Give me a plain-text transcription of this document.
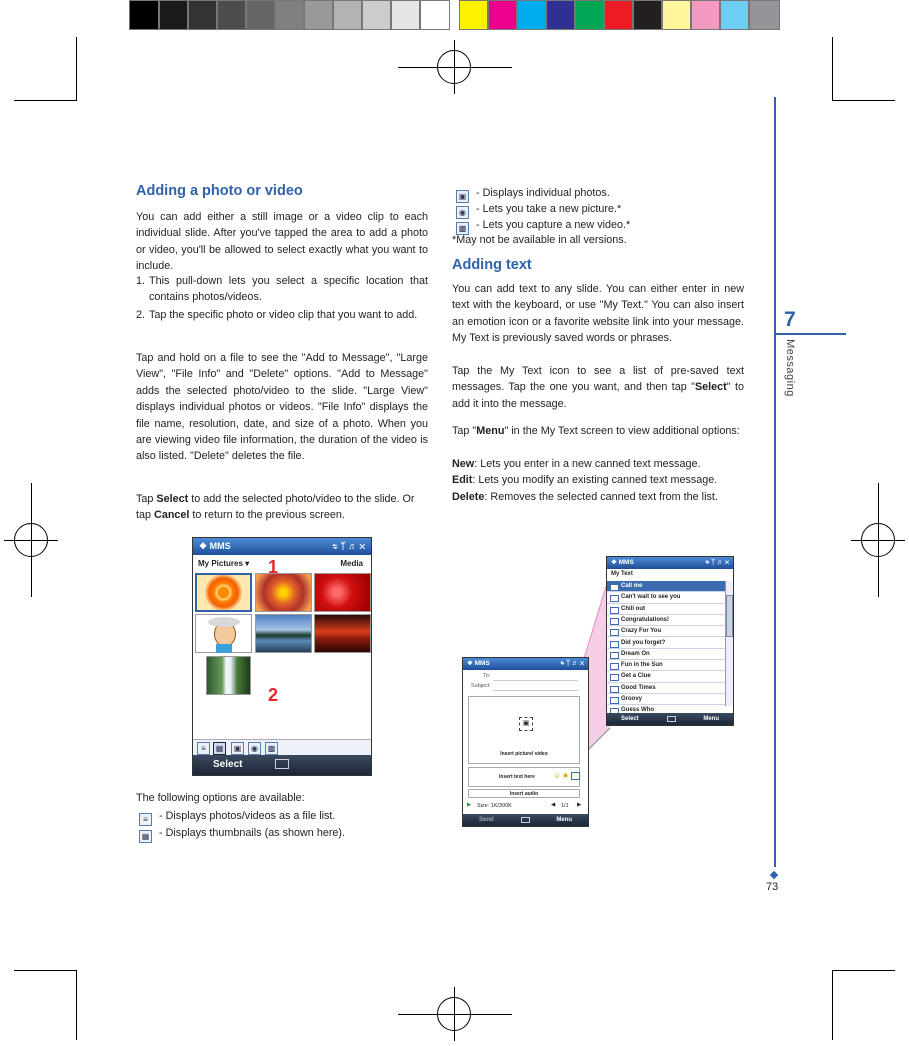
7
Messaging
73
Adding a photo or video
You can add either a still image or a video clip to each individual slide. After you've tapped the area to add a photo or video, you'll be allowed to select exactly what you want to include.
1. This pull-down lets you select a specific location that contains photos/videos.
2. Tap the specific photo or video clip that you want to add.
Tap and hold on a file to see the "Add to Message", "Large View", "File Info" and "Delete" options. "Add to Message" adds the selected photo/video to the slide. "Large View" displays individual photos or videos. "File Info" displays the file name, resolution, date, and size of a photo. When you are viewing video file information, the duration of the video is also listed. "Delete" deletes the file.
Tap Select to add the selected photo/video to the slide. Or tap Cancel to return to the previous screen.
❖ MMS	⇆ ᛉ ♬ ✕
My Pictures ▾	Media
1
2
≡	▦	▣	◉	▩
Select
The following options are available:
≡ - Displays photos/videos as a file list.
▦ - Displays thumbnails (as shown here).
▣ - Displays individual photos.
◉ - Lets you take a new picture.*
▩ - Lets you capture a new video.*
*May not be available in all versions.
Adding text
You can add text to any slide. You can either enter in new text with the keyboard, or use "My Text." You can also insert an emotion icon or a favorite website link into your message. My Text is previously saved words or phrases.
Tap the My Text icon to see a list of pre-saved text messages. Tap the one you want, and then tap "Select" to add it into the message.
Tap "Menu" in the My Text screen to view additional options:
New: Lets you enter in a new canned text message.
Edit: Lets you modify an existing canned text message.
Delete: Removes the selected canned text from the list.
❖ MMS	⇆ ᛉ ♬ ✕
To:
Subject:
▣
Insert picture/ video
Insert text here ☺ ★
Insert audio
▶ Size: 1K/300K	◀ 1/1 ▶
Send	Menu
❖ MMS	⇆ ᛉ ♬ ✕
My Text
Call me
Can't wait to see you
Chill out
Congratulations!
Crazy For You
Did you forget?
Dream On
Fun in the Sun
Get a Clue
Good Times
Groovy
Guess Who
Select	Menu
